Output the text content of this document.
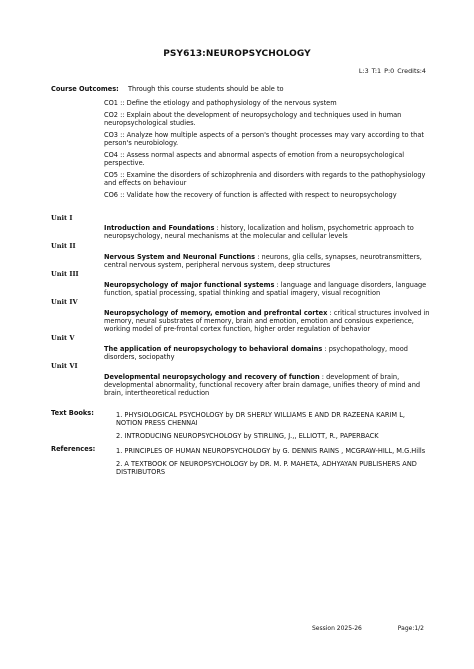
PSY613:NEUROPSYCHOLOGY
L:3 T:1 P:0 Credits:4
Course Outcomes: Through this course students should be able to
CO1 :: Define the etiology and pathophysiology of the nervous system
CO2 :: Explain about the development of neuropsychology and techniques used in human neuropsychological studies.
CO3 :: Analyze how multiple aspects of a person's thought processes may vary according to that person's neurobiology.
CO4 :: Assess normal aspects and abnormal aspects of emotion from a neuropsychological perspective.
CO5 :: Examine the disorders of schizophrenia and disorders with regards to the pathophysiology and effects on behaviour
CO6 :: Validate how the recovery of function is affected with respect to neuropsychology
Unit I
Introduction and Foundations : history, localization and holism, psychometric approach to neuropsychology, neural mechanisms at the molecular and cellular levels
Unit II
Nervous System and Neuronal Functions : neurons, glia cells, synapses, neurotransmitters, central nervous system, peripheral nervous system, deep structures
Unit III
Neuropsychology of major functional systems : language and language disorders, language function, spatial processing, spatial thinking and spatial imagery, visual recognition
Unit IV
Neuropsychology of memory, emotion and prefrontal cortex : critical structures involved in memory, neural substrates of memory, brain and emotion, emotion and consious experience, working model of pre-frontal cortex function, higher order regulation of behavior
Unit V
The application of neuropsychology to behavioral domains : psychopathology, mood disorders, sociopathy
Unit VI
Developmental neuropsychology and recovery of function : development of brain, developmental abnormality, functional recovery after brain damage, unifies theory of mind and brain, intertheoretical reduction
Text Books:	1. PHYSIOLOGICAL PSYCHOLOGY by DR SHERLY WILLIAMS E AND DR RAZEENA KARIM L, NOTION PRESS CHENNAI
2. INTRODUCING NEUROPSYCHOLOGY by STIRLING, J.,, ELLIOTT, R., PAPERBACK
References:	1. PRINCIPLES OF HUMAN NEUROPSYCHOLOGY by G. DENNIS RAINS , MCGRAW-HILL, M.G.Hills
2. A TEXTBOOK OF NEUROPSYCHOLOGY by DR. M. P. MAHETA, ADHYAYAN PUBLISHERS AND DISTRIBUTORS
Session 2025-26	Page:1/2
